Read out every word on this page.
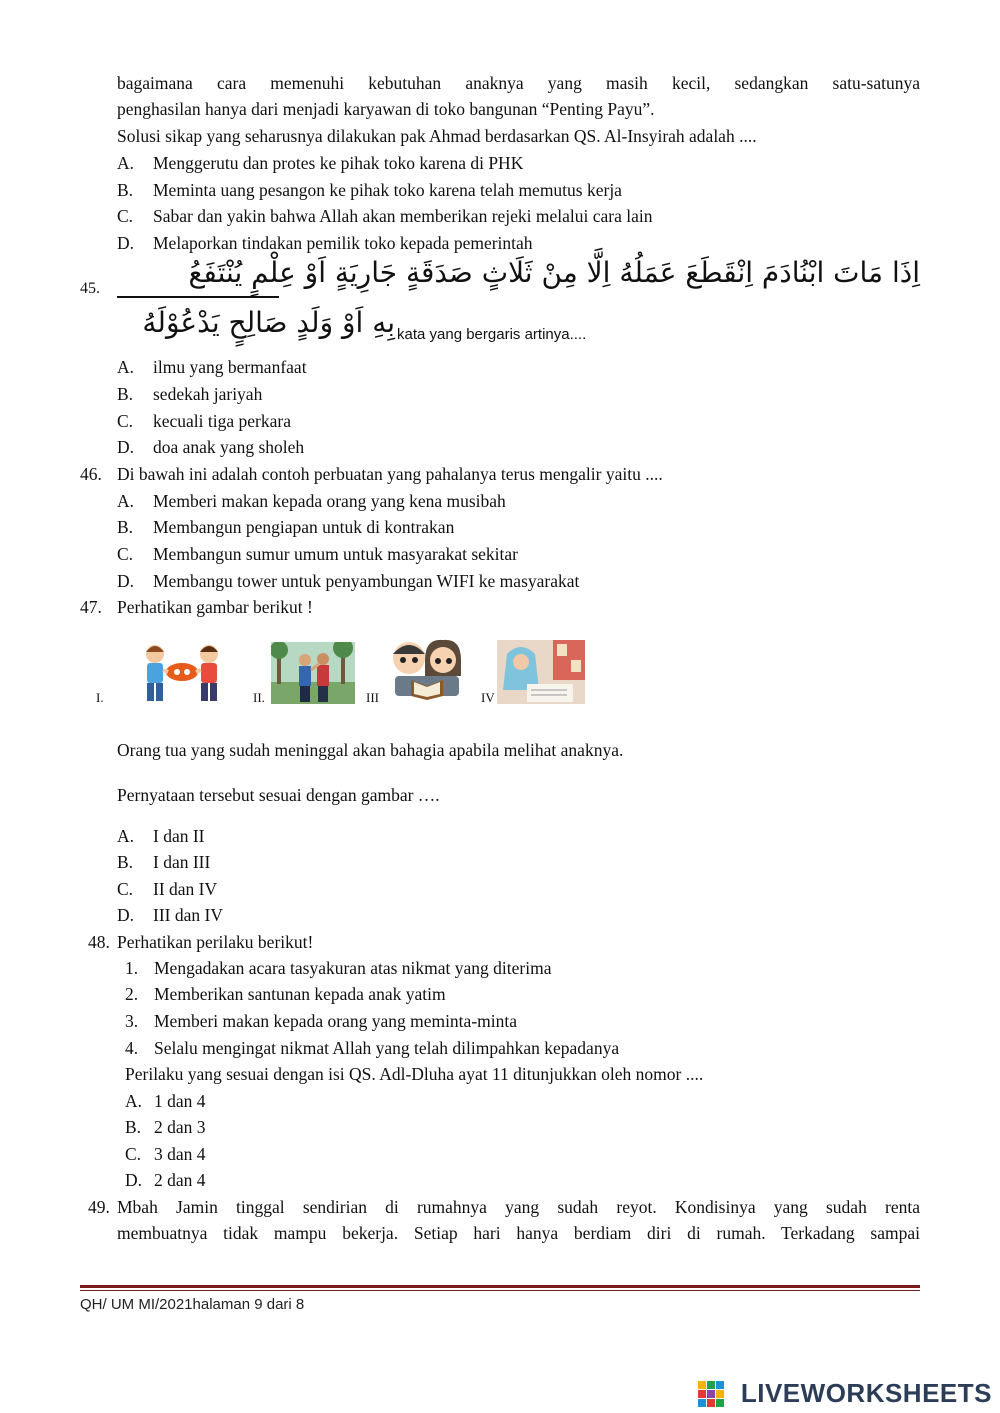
bagaimana cara memenuhi kebutuhan anaknya yang masih kecil, sedangkan satu-satunya
penghasilan hanya dari menjadi karyawan di toko bangunan “Penting Payu”.
Solusi sikap yang seharusnya dilakukan pak Ahmad berdasarkan QS. Al-Insyirah adalah ....
A. Menggerutu dan protes ke pihak toko karena di PHK
B. Meminta uang pesangon ke pihak toko karena telah memutus kerja
C. Sabar dan yakin bahwa Allah akan memberikan rejeki melalui cara lain
D. Melaporkan tindakan pemilik toko kepada pemerintah
45.	اِذَا مَاتَ ابْنُادَمَ اِنْقَطَعَ عَمَلُهُ اِلَّا مِنْ ثَلَاثٍ صَدَقَةٍ جَارِيَةٍ اَوْ عِلْمٍ يُنْتَفَعُ
kata yang bergaris artinya....
بِهِ اَوْ وَلَدٍ صَالِحٍ يَدْعُوْلَهُ
A. ilmu yang bermanfaat
B. sedekah jariyah
C. kecuali tiga perkara
D. doa anak yang sholeh
46. Di bawah ini adalah contoh perbuatan yang pahalanya terus mengalir yaitu ....
A. Memberi makan kepada orang yang kena musibah
B. Membangun pengiapan untuk di kontrakan
C. Membangun sumur umum untuk masyarakat sekitar
D. Membangu tower untuk penyambungan WIFI ke masyarakat
47. Perhatikan gambar berikut !
I.	II.	III	IV
Orang tua yang sudah meninggal akan bahagia apabila melihat anaknya.
Pernyataan tersebut sesuai dengan gambar ….
A. I dan II
B. I dan III
C. II dan IV
D. III dan IV
48. Perhatikan perilaku berikut!
1. Mengadakan acara tasyakuran atas nikmat yang diterima
2. Memberikan santunan kepada anak yatim
3. Memberi makan kepada orang yang meminta-minta
4. Selalu mengingat nikmat Allah yang telah dilimpahkan kepadanya
Perilaku yang sesuai dengan isi QS. Adl-Dluha ayat 11 ditunjukkan oleh nomor ....
A. 1 dan 4
B. 2 dan 3
C. 3 dan 4
D. 2 dan 4
49. Mbah Jamin tinggal sendirian di rumahnya yang sudah reyot. Kondisinya yang sudah renta
membuatnya tidak mampu bekerja. Setiap hari hanya berdiam diri di rumah. Terkadang sampai
QH/ UM MI/2021halaman 9 dari 8
LIVEWORKSHEETS
